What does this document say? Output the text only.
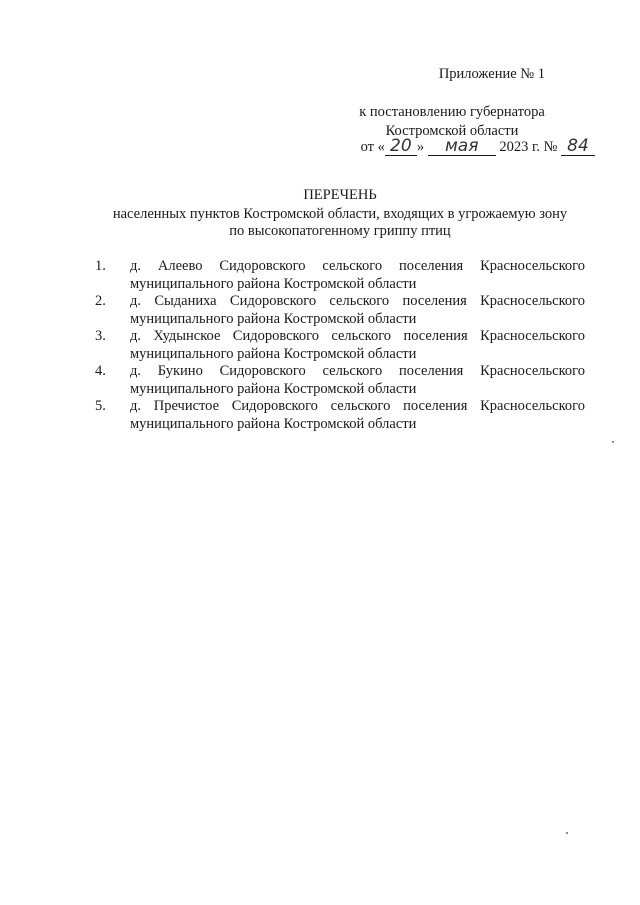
Приложение № 1
к постановлению губернатора
Костромской области
от « 20 » мая 2023 г. № 84
ПЕРЕЧЕНЬ
населенных пунктов Костромской области, входящих в угрожаемую зону
по высокопатогенному гриппу птиц
1. д. Алеево Сидоровского сельского поселения Красносельского
муниципального района Костромской области
2. д. Сыданиха Сидоровского сельского поселения Красносельского
муниципального района Костромской области
3. д. Худынское Сидоровского сельского поселения Красносельского
муниципального района Костромской области
4. д. Букино Сидоровского сельского поселения Красносельского
муниципального района Костромской области
5. д. Пречистое Сидоровского сельского поселения Красносельского
муниципального района Костромской области
